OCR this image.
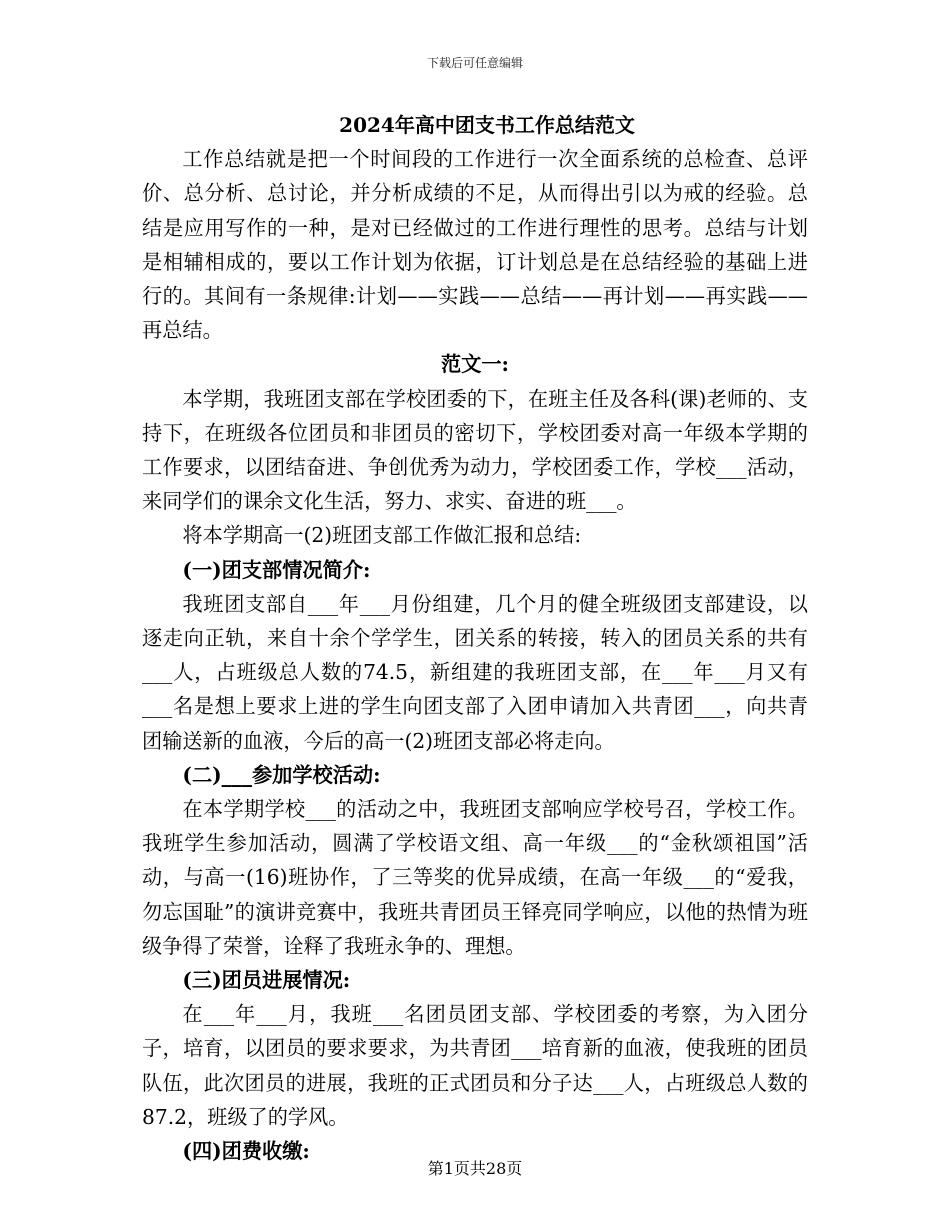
下载后可任意编辑

2024年高中团支书工作总结范文

工作总结就是把一个时间段的工作进行一次全面系统的总检查、总评价、总分析、总讨论，并分析成绩的不足，从而得出引以为戒的经验。总结是应用写作的一种，是对已经做过的工作进行理性的思考。总结与计划是相辅相成的，要以工作计划为依据，订计划总是在总结经验的基础上进行的。其间有一条规律:计划——实践——总结——再计划——再实践——再总结。

范文一:

本学期，我班团支部在学校团委的下，在班主任及各科(课)老师的、支持下，在班级各位团员和非团员的密切下，学校团委对高一年级本学期的工作要求，以团结奋进、争创优秀为动力，学校团委工作，学校___活动，来同学们的课余文化生活，努力、求实、奋进的班___。

将本学期高一(2)班团支部工作做汇报和总结:

(一)团支部情况简介:

我班团支部自___年___月份组建，几个月的健全班级团支部建设，以逐走向正轨，来自十余个学学生，团关系的转接，转入的团员关系的共有___人，占班级总人数的74.5，新组建的我班团支部，在___年___月又有___名是想上要求上进的学生向团支部了入团申请加入共青团___，向共青团输送新的血液，今后的高一(2)班团支部必将走向。

(二)___参加学校活动:

在本学期学校___的活动之中，我班团支部响应学校号召，学校工作。我班学生参加活动，圆满了学校语文组、高一年级___的“金秋颂祖国”活动，与高一(16)班协作，了三等奖的优异成绩，在高一年级___的“爱我，勿忘国耻”的演讲竞赛中，我班共青团员王铎亮同学响应，以他的热情为班级争得了荣誉，诠释了我班永争的、理想。

(三)团员进展情况:

在___年___月，我班___名团员团支部、学校团委的考察，为入团分子，培育，以团员的要求要求，为共青团___培育新的血液，使我班的团员队伍，此次团员的进展，我班的正式团员和分子达___人，占班级总人数的87.2，班级了的学风。

(四)团费收缴:

第1页共28页
